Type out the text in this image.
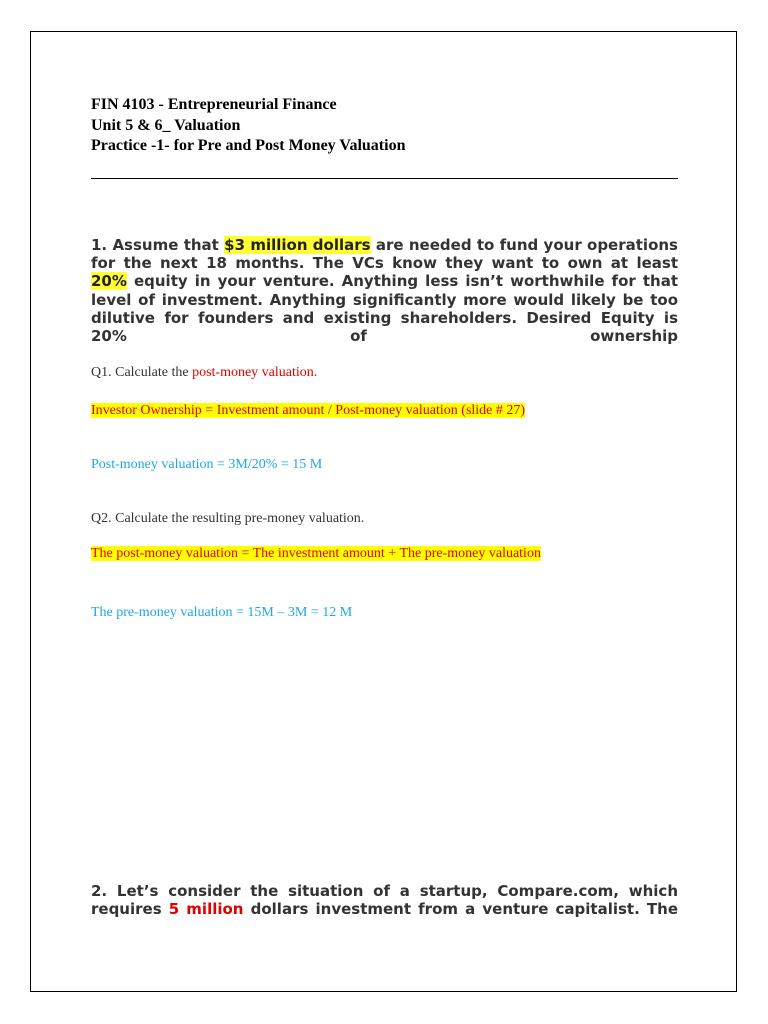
FIN 4103 - Entrepreneurial Finance
Unit 5 & 6_ Valuation
Practice -1- for Pre and Post Money Valuation
1. Assume that $3 million dollars are needed to fund your operations for the next 18 months. The VCs know they want to own at least 20% equity in your venture. Anything less isn’t worthwhile for that level of investment. Anything significantly more would likely be too dilutive for founders and existing shareholders. Desired Equity is 20% of ownership
Q1. Calculate the post-money valuation.
Investor Ownership = Investment amount / Post-money valuation (slide # 27)
Post-money valuation = 3M/20% = 15 M
Q2. Calculate the resulting pre-money valuation.
The post-money valuation = The investment amount + The pre-money valuation
The pre-money valuation = 15M – 3M = 12 M
2. Let’s consider the situation of a startup, Compare.com, which requires 5 million dollars investment from a venture capitalist. The
